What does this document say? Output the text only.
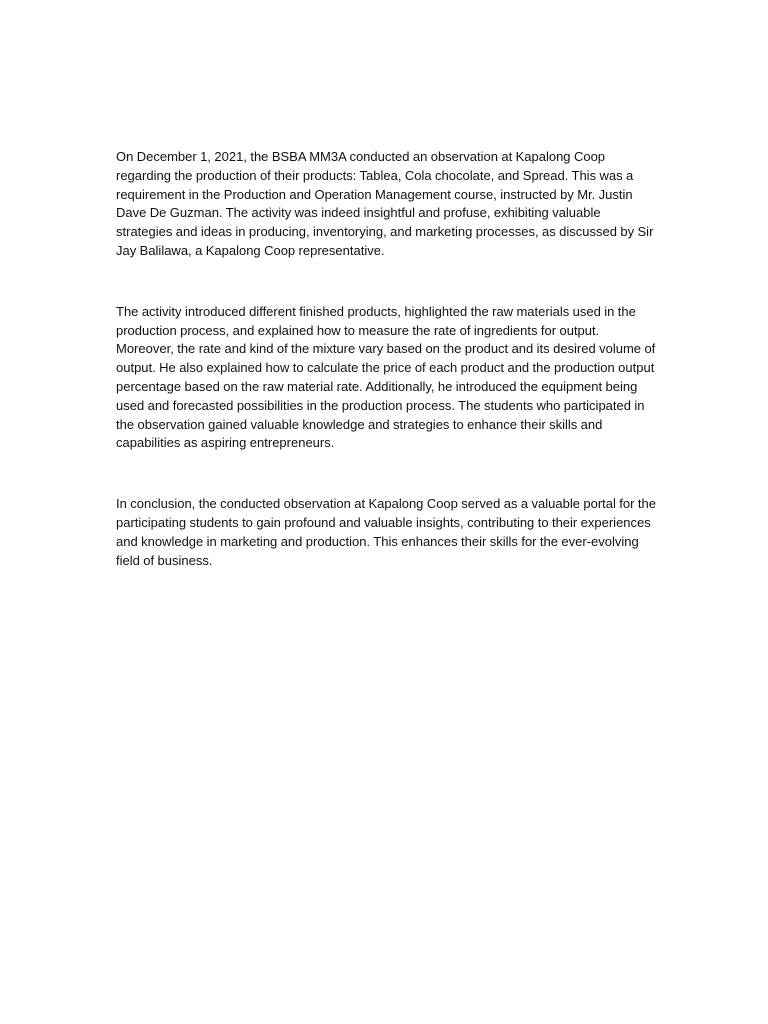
On December 1, 2021, the BSBA MM3A conducted an observation at Kapalong Coop regarding the production of their products: Tablea, Cola chocolate, and Spread. This was a requirement in the Production and Operation Management course, instructed by Mr. Justin Dave De Guzman. The activity was indeed insightful and profuse, exhibiting valuable strategies and ideas in producing, inventorying, and marketing processes, as discussed by Sir Jay Balilawa, a Kapalong Coop representative.

The activity introduced different finished products, highlighted the raw materials used in the production process, and explained how to measure the rate of ingredients for output. Moreover, the rate and kind of the mixture vary based on the product and its desired volume of output. He also explained how to calculate the price of each product and the production output percentage based on the raw material rate. Additionally, he introduced the equipment being used and forecasted possibilities in the production process. The students who participated in the observation gained valuable knowledge and strategies to enhance their skills and capabilities as aspiring entrepreneurs.

In conclusion, the conducted observation at Kapalong Coop served as a valuable portal for the participating students to gain profound and valuable insights, contributing to their experiences and knowledge in marketing and production. This enhances their skills for the ever-evolving field of business.
